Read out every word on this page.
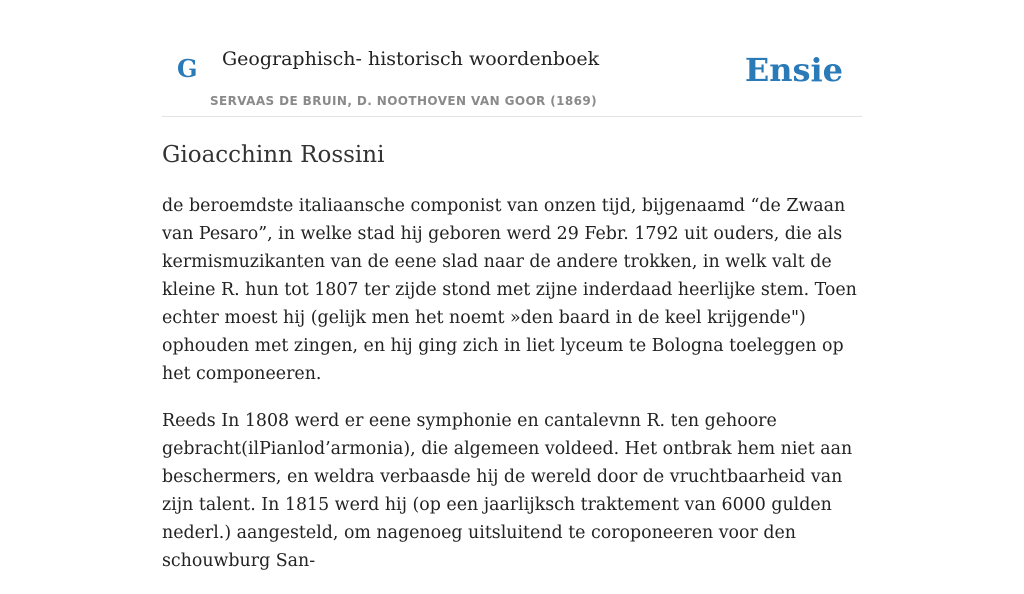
G Geographisch- historisch woordenboek
SERVAAS DE BRUIN, D. NOOTHOVEN VAN GOOR (1869)
Ensie
Gioacchinn Rossini

de beroemdste italiaansche componist van onzen tijd, bijgenaamd “de Zwaan van Pesaro”, in welke stad hij geboren werd 29 Febr. 1792 uit ouders, die als kermismuzikanten van de eene slad naar de andere trokken, in welk valt de kleine R. hun tot 1807 ter zijde stond met zijne inderdaad heerlijke stem. Toen echter moest hij (gelijk men het noemt »den baard in de keel krijgende") ophouden met zingen, en hij ging zich in liet lyceum te Bologna toeleggen op het componeeren.

Reeds In 1808 werd er eene symphonie en cantalevnn R. ten gehoore gebracht(ilPianlod’armonia), die algemeen voldeed. Het ontbrak hem niet aan beschermers, en weldra verbaasde hij de wereld door de vruchtbaarheid van zijn talent. In 1815 werd hij (op een jaarlijksch traktement van 6000 gulden nederl.) aangesteld, om nagenoeg uitsluitend te coroponeeren voor den schouwburg San-
